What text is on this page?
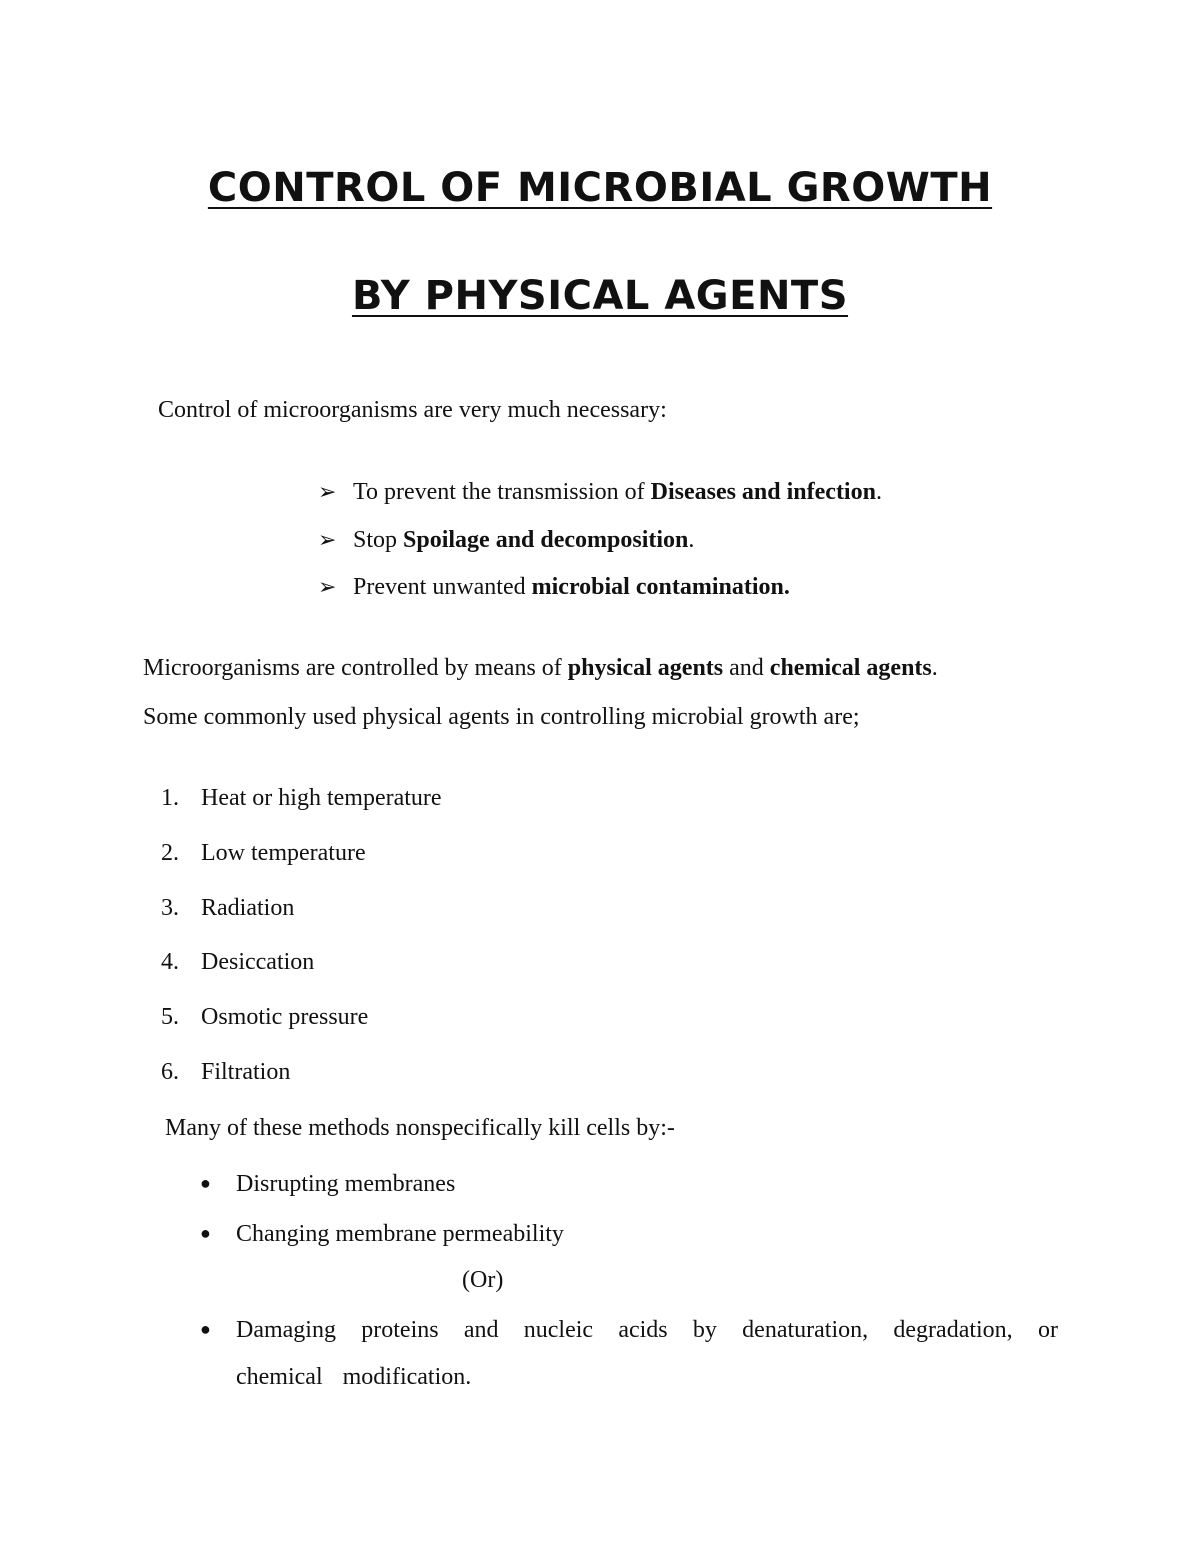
CONTROL OF MICROBIAL GROWTH
BY PHYSICAL AGENTS
Control of microorganisms are very much necessary:
➢ To prevent the transmission of Diseases and infection.
➢ Stop Spoilage and decomposition.
➢ Prevent unwanted microbial contamination.
Microorganisms are controlled by means of physical agents and chemical agents.
Some commonly used physical agents in controlling microbial growth are;
1. Heat or high temperature
2. Low temperature
3. Radiation
4. Desiccation
5. Osmotic pressure
6. Filtration
Many of these methods nonspecifically kill cells by:-
● Disrupting membranes
● Changing membrane permeability
(Or)
● Damaging proteins and nucleic acids by denaturation, degradation, or
chemical modification.
